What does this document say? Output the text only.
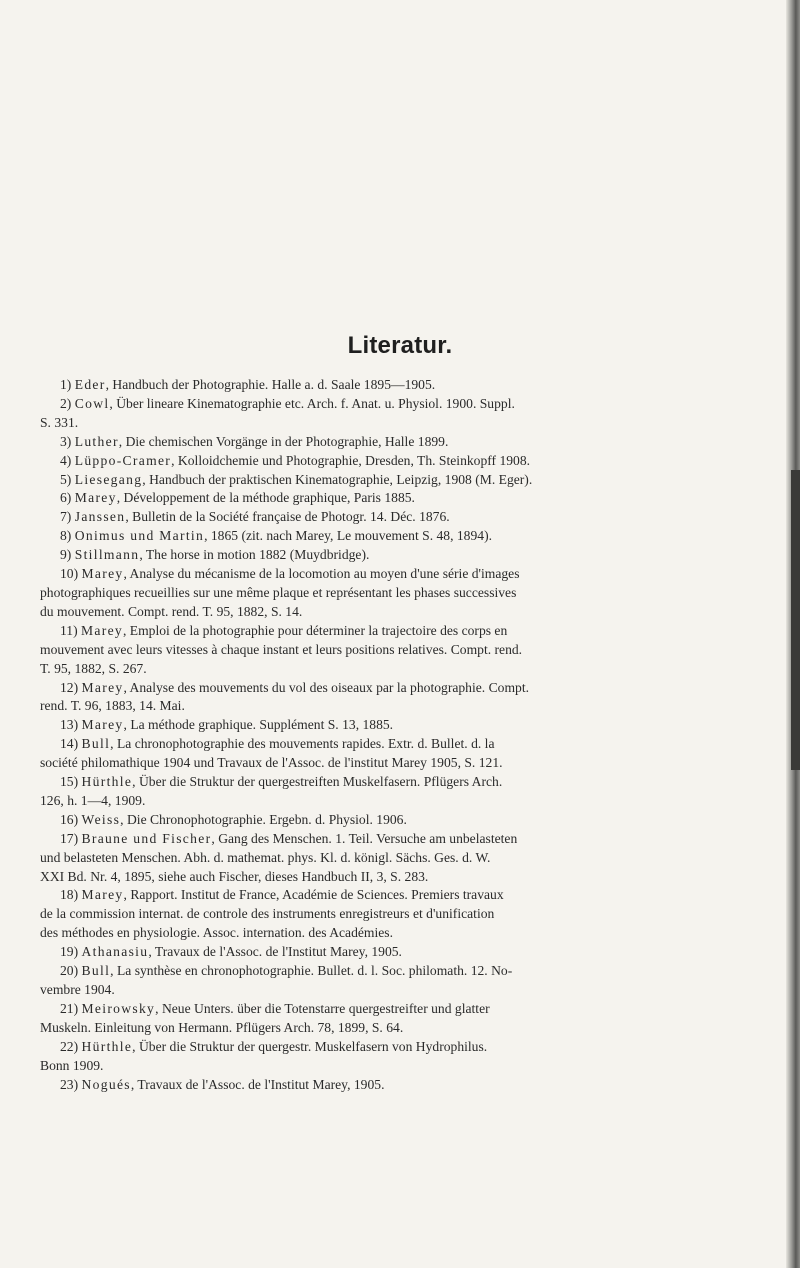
Literatur.
1) Eder, Handbuch der Photographie. Halle a. d. Saale 1895—1905.
2) Cowl, Über lineare Kinematographie etc. Arch. f. Anat. u. Physiol. 1900. Suppl.
S. 331.
3) Luther, Die chemischen Vorgänge in der Photographie, Halle 1899.
4) Lüppo-Cramer, Kolloidchemie und Photographie, Dresden, Th. Steinkopff 1908.
5) Liesegang, Handbuch der praktischen Kinematographie, Leipzig, 1908 (M. Eger).
6) Marey, Développement de la méthode graphique, Paris 1885.
7) Janssen, Bulletin de la Société française de Photogr. 14. Déc. 1876.
8) Onimus und Martin, 1865 (zit. nach Marey, Le mouvement S. 48, 1894).
9) Stillmann, The horse in motion 1882 (Muydbridge).
10) Marey, Analyse du mécanisme de la locomotion au moyen d'une série d'images
photographiques recueillies sur une même plaque et représentant les phases successives
du mouvement. Compt. rend. T. 95, 1882, S. 14.
11) Marey, Emploi de la photographie pour déterminer la trajectoire des corps en
mouvement avec leurs vitesses à chaque instant et leurs positions relatives. Compt. rend.
T. 95, 1882, S. 267.
12) Marey, Analyse des mouvements du vol des oiseaux par la photographie. Compt.
rend. T. 96, 1883, 14. Mai.
13) Marey, La méthode graphique. Supplément S. 13, 1885.
14) Bull, La chronophotographie des mouvements rapides. Extr. d. Bullet. d. la
société philomathique 1904 und Travaux de l'Assoc. de l'institut Marey 1905, S. 121.
15) Hürthle, Über die Struktur der quergestreiften Muskelfasern. Pflügers Arch.
126, h. 1—4, 1909.
16) Weiss, Die Chronophotographie. Ergebn. d. Physiol. 1906.
17) Braune und Fischer, Gang des Menschen. 1. Teil. Versuche am unbelasteten
und belasteten Menschen. Abh. d. mathemat. phys. Kl. d. königl. Sächs. Ges. d. W.
XXI Bd. Nr. 4, 1895, siehe auch Fischer, dieses Handbuch II, 3, S. 283.
18) Marey, Rapport. Institut de France, Académie de Sciences. Premiers travaux
de la commission internat. de controle des instruments enregistreurs et d'unification
des méthodes en physiologie. Assoc. internation. des Académies.
19) Athanasiu, Travaux de l'Assoc. de l'Institut Marey, 1905.
20) Bull, La synthèse en chronophotographie. Bullet. d. l. Soc. philomath. 12. No-
vembre 1904.
21) Meirowsky, Neue Unters. über die Totenstarre quergestreifter und glatter
Muskeln. Einleitung von Hermann. Pflügers Arch. 78, 1899, S. 64.
22) Hürthle, Über die Struktur der quergestr. Muskelfasern von Hydrophilus.
Bonn 1909.
23) Nogués, Travaux de l'Assoc. de l'Institut Marey, 1905.
